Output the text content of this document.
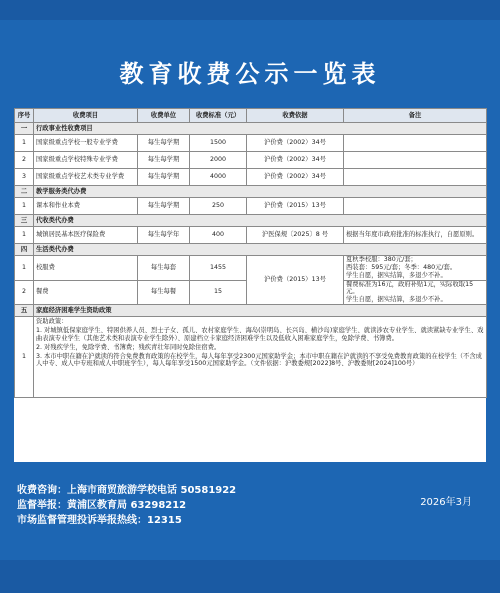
教育收费公示一览表
序号	收费项目	收费单位	收费标准（元）	收费依据	备注
一	行政事业性收费项目				
1	国家级重点学校一般专业学费	每生每学期	1500	沪价费（2002）34号	
2	国家级重点学校特殊专业学费	每生每学期	2000	沪价费（2002）34号	
3	国家级重点学校艺术类专业学费	每生每学期	4000	沪价费（2002）34号	
二	教学服务类代办费				
1	课本和作业本费	每生每学期	250	沪价费（2015）13号	
三	代收类代办费				
1	城镇居民基本医疗保险费	每生每学年	400	沪医保规〔2025〕8 号	根据当年度市政府批准的标准执行，自愿原则。
四	生活类代办费				
1	校服费	每生每套	1455	沪价费（2015）13号	夏秋季校服：380元/套；
西装套：595元/套；冬季：480元/套。
学生自愿，据实结算，多退少不补。
2	餐费	每生每餐	15		餐费标准为16元，政府补贴1元，实际收取15元。
学生自愿，据实结算，多退少不补。
五	家庭经济困难学生资助政策				
1	资助政策：
1. 对城镇低保家庭学生、特困供养人员、烈士子女、孤儿、农村家庭学生、海岛(崇明岛、长兴岛、横沙岛)家庭学生、就读涉农专业学生、就读紧缺专业学生、戏曲表演专业学生（其他艺术类和表演专业学生除外）、原建档立卡家庭经济困难学生以及低收入困难家庭学生，免除学费、书簿费。
2. 对残疾学生，免除学费、书簿费；残疾青壮年同时免除住宿费。
3. 本市中职在籍在沪就读的符合免费教育政策的在校学生，每人每年享受2300元国家助学金；本市中职在籍在沪就读的不享受免费教育政策的在校学生（不含成人中专、成人中专班和成人中职班学生），每人每年享受1500元国家助学金。（文件依据：沪教委规[2022]8号、沪教委财[2024]100号）				
收费咨询：上海市商贸旅游学校电话 50581922
监督举报：黄浦区教育局 63298212
市场监督管理投诉举报热线：12315
2026年3月
